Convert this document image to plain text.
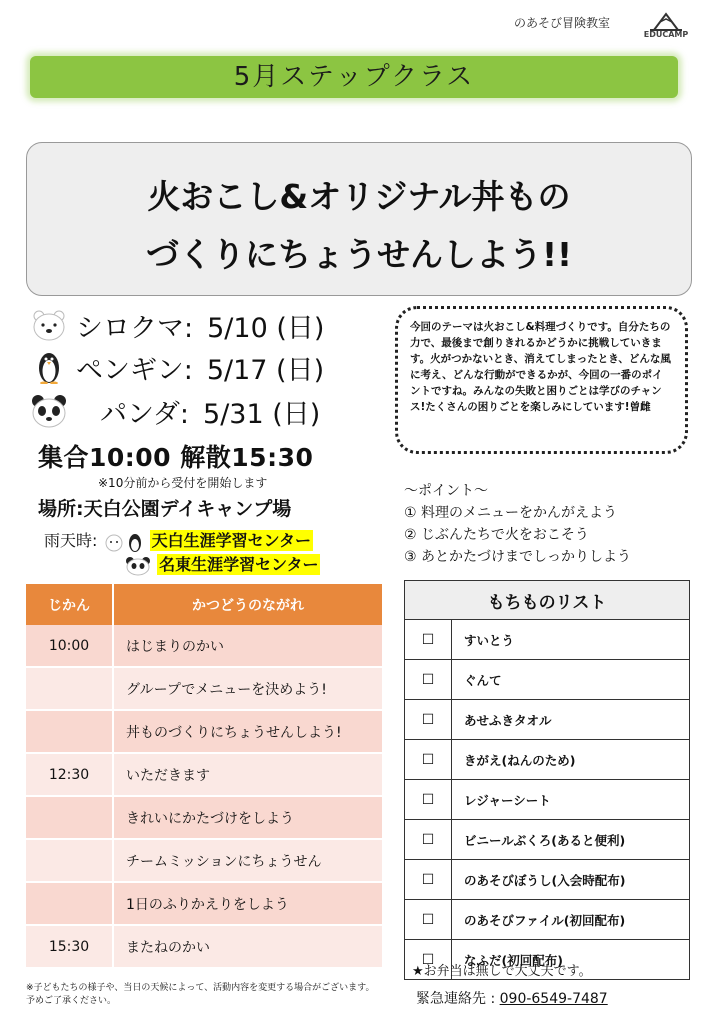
のあそび冒険教室
EDUCAMP
5月ステップクラス
火おこし&オリジナル丼もの
づくりにちょうせんしよう!!
シロクマ: 5/10 (日)
ペンギン: 5/17 (日)
パンダ: 5/31 (日)
今回のテーマは火おこし&料理づくりです。自分たちの力で、最後まで創りきれるかどうかに挑戦していきます。火がつかないとき、消えてしまったとき、どんな風に考え、どんな行動ができるかが、今回の一番のポイントですね。みんなの失敗と困りごとは学びのチャンス!たくさんの困りごとを楽しみにしています!曽雌
集合10:00 解散15:30
※10分前から受付を開始します
場所:天白公園デイキャンプ場
雨天時:	天白生涯学習センター
名東生涯学習センター
〜ポイント〜
① 料理のメニューをかんがえよう
② じぶんたちで火をおこそう
③ あとかたづけまでしっかりしよう
じかん	かつどうのながれ
10:00	はじまりのかい
	グループでメニューを決めよう!
	丼ものづくりにちょうせんしよう!
12:30	いただきます
	きれいにかたづけをしよう
	チームミッションにちょうせん
	1日のふりかえりをしよう
15:30	またねのかい
※子どもたちの様子や、当日の天候によって、活動内容を変更する場合がございます。予めご了承ください。
もちものリスト	
☐	すいとう
☐	ぐんて
☐	あせふきタオル
☐	きがえ(ねんのため)
☐	レジャーシート
☐	ビニールぶくろ(あると便利)
☐	のあそびぼうし(入会時配布)
☐	のあそびファイル(初回配布)
☐	なふだ(初回配布)
★お弁当は無しで大丈夫です。
緊急連絡先 : 090-6549-7487
